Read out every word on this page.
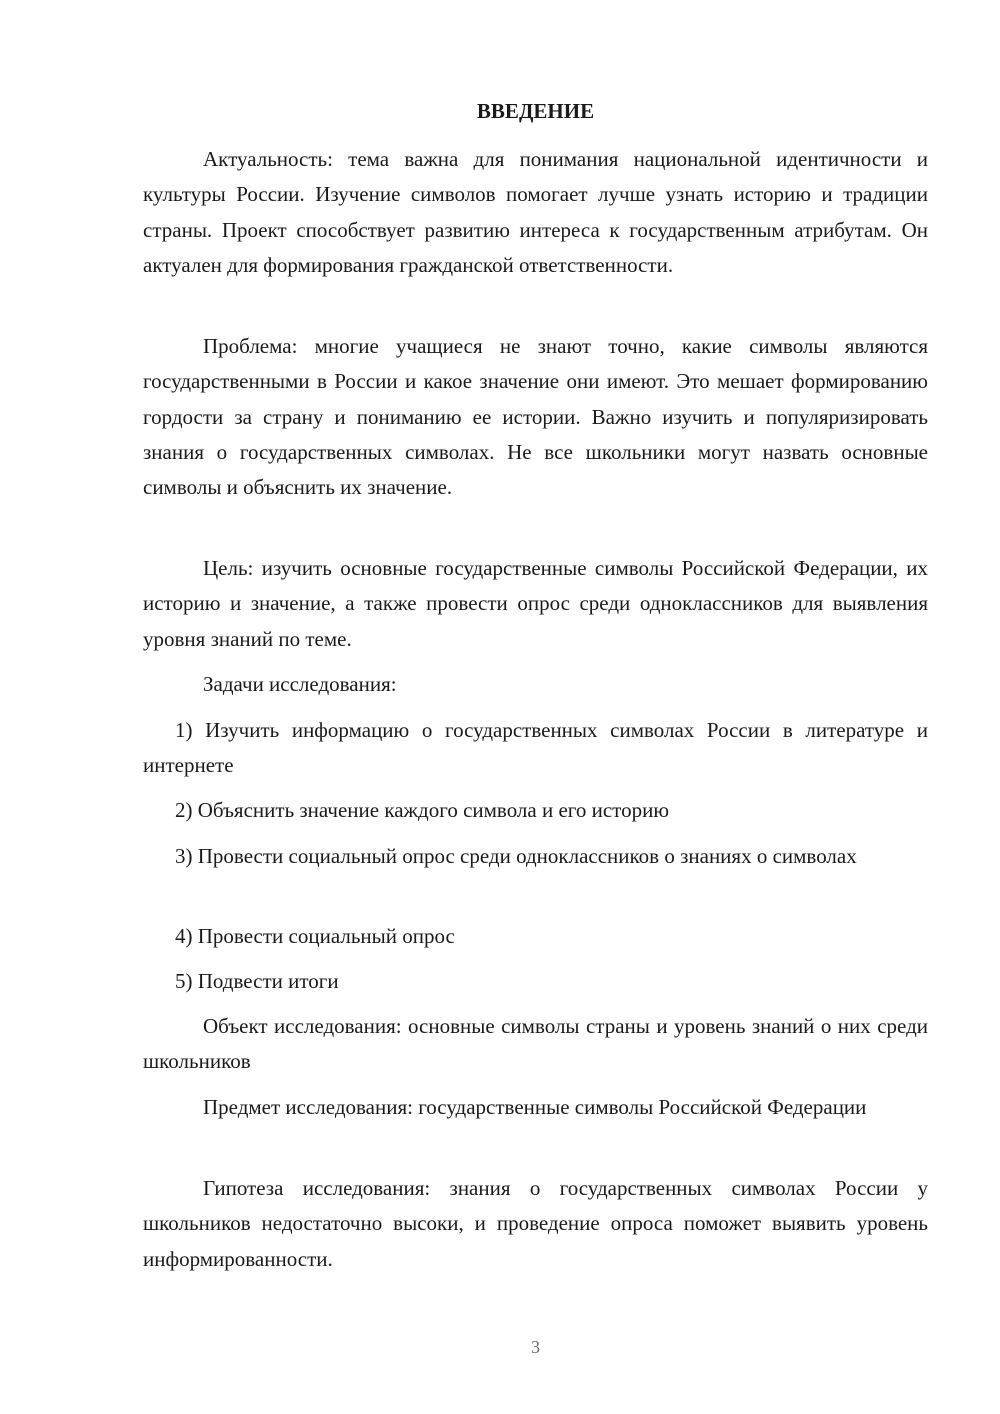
ВВЕДЕНИЕ

Актуальность: тема важна для понимания национальной идентичности и культуры России. Изучение символов помогает лучше узнать историю и традиции страны. Проект способствует развитию интереса к государственным атрибутам. Он актуален для формирования гражданской ответственности.

Проблема: многие учащиеся не знают точно, какие символы являются государственными в России и какое значение они имеют. Это мешает формированию гордости за страну и пониманию ее истории. Важно изучить и популяризировать знания о государственных символах. Не все школьники могут назвать основные символы и объяснить их значение.

Цель: изучить основные государственные символы Российской Федерации, их историю и значение, а также провести опрос среди одноклассников для выявления уровня знаний по теме.

Задачи исследования:

1) Изучить информацию о государственных символах России в литературе и интернете

2) Объяснить значение каждого символа и его историю

3) Провести социальный опрос среди одноклассников о знаниях о символах

4) Провести социальный опрос

5) Подвести итоги

Объект исследования: основные символы страны и уровень знаний о них среди школьников

Предмет исследования: государственные символы Российской Федерации

Гипотеза исследования: знания о государственных символах России у школьников недостаточно высоки, и проведение опроса поможет выявить уровень информированности.

3
